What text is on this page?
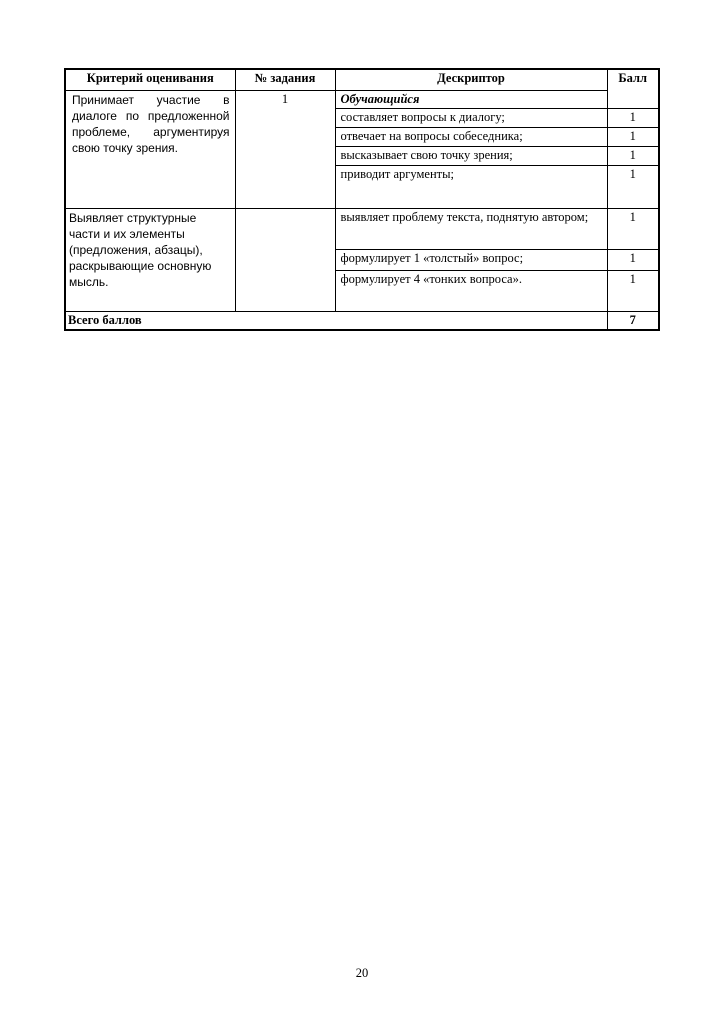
Критерий оценивания	№ задания	Дескриптор	Балл
Принимает участие в диалоге по предложенной проблеме, аргументируя свою точку зрения.	1	Обучающийся	
		составляет вопросы к диалогу;	1
		отвечает на вопросы собеседника;	1
		высказывает свою точку зрения;	1
		приводит аргументы;	1
Выявляет структурные части и их элементы (предложения, абзацы), раскрывающие основную мысль.		выявляет проблему текста, поднятую автором;	1
		формулирует 1 «толстый» вопрос;	1
		формулирует 4 «тонких вопроса».	1
Всего баллов			7
20
